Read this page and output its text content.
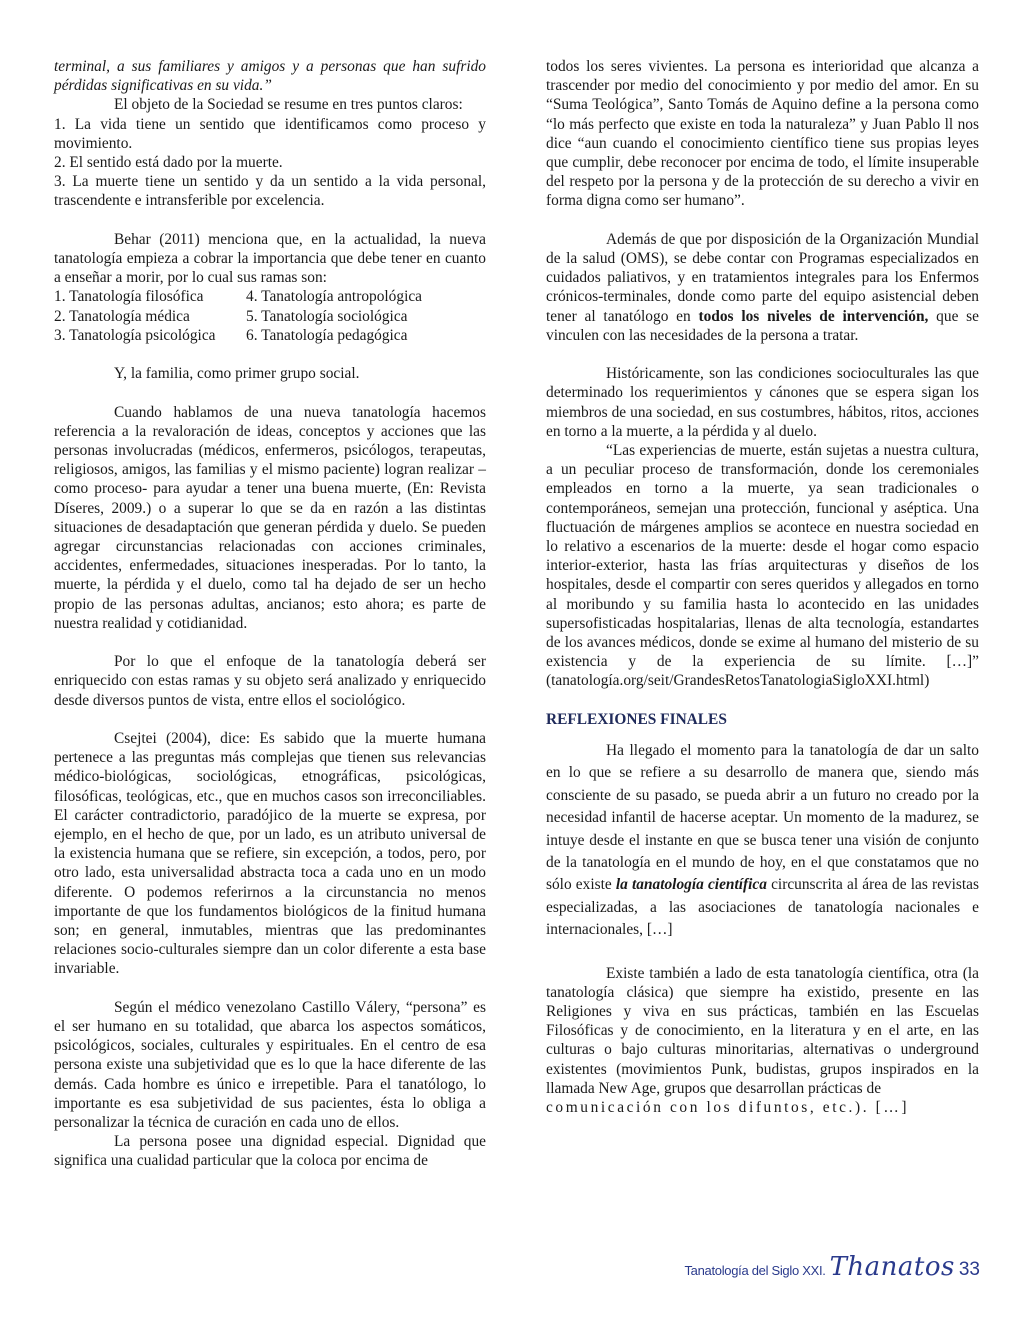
terminal, a sus familiares y amigos y a personas que han sufrido pérdidas significativas en su vida.”

El objeto de la Sociedad se resume en tres puntos claros:

1. La vida tiene un sentido que identificamos como proceso y movimiento.

2. El sentido está dado por la muerte.

3. La muerte tiene un sentido y da un sentido a la vida personal, trascendente e intransferible por excelencia.

Behar (2011) menciona que, en la actualidad, la nueva tanatología empieza a cobrar la importancia que debe tener en cuanto a enseñar a morir, por lo cual sus ramas son:

1. Tanatología filosófica	4. Tanatología antropológica
2. Tanatología médica	5. Tanatología sociológica
3. Tanatología psicológica	6. Tanatología pedagógica

Y, la familia, como primer grupo social.

Cuando hablamos de una nueva tanatología hacemos referencia a la revaloración de ideas, conceptos y acciones que las personas involucradas (médicos, enfermeros, psicólogos, terapeutas, religiosos, amigos, las familias y el mismo paciente) logran realizar –como proceso- para ayudar a tener una buena muerte, (En: Revista Díseres, 2009.) o a superar lo que se da en razón a las distintas situaciones de desadaptación que generan pérdida y duelo. Se pueden agregar circunstancias relacionadas con acciones criminales, accidentes, enfermedades, situaciones inesperadas. Por lo tanto, la muerte, la pérdida y el duelo, como tal ha dejado de ser un hecho propio de las personas adultas, ancianos; esto ahora; es parte de nuestra realidad y cotidianidad.

Por lo que el enfoque de la tanatología deberá ser enriquecido con estas ramas y su objeto será analizado y enriquecido desde diversos puntos de vista, entre ellos el sociológico.

Csejtei (2004), dice: Es sabido que la muerte humana pertenece a las preguntas más complejas que tienen sus relevancias médico-biológicas, sociológicas, etnográficas, psicológicas, filosóficas, teológicas, etc., que en muchos casos son irreconciliables. El carácter contradictorio, paradójico de la muerte se expresa, por ejemplo, en el hecho de que, por un lado, es un atributo universal de la existencia humana que se refiere, sin excepción, a todos, pero, por otro lado, esta universalidad abstracta toca a cada uno en un modo diferente. O podemos referirnos a la circunstancia no menos importante de que los fundamentos biológicos de la finitud humana son; en general, inmutables, mientras que las predominantes relaciones socio-culturales siempre dan un color diferente a esta base invariable.

Según el médico venezolano Castillo Válery, “persona” es el ser humano en su totalidad, que abarca los aspectos somáticos, psicológicos, sociales, culturales y espirituales. En el centro de esa persona existe una subjetividad que es lo que la hace diferente de las demás. Cada hombre es único e irrepetible. Para el tanatólogo, lo importante es esa subjetividad de sus pacientes, ésta lo obliga a personalizar la técnica de curación en cada uno de ellos.

La persona posee una dignidad especial. Dignidad que significa una cualidad particular que la coloca por encima de

todos los seres vivientes. La persona es interioridad que alcanza a trascender por medio del conocimiento y por medio del amor. En su “Suma Teológica”, Santo Tomás de Aquino define a la persona como “lo más perfecto que existe en toda la naturaleza” y Juan Pablo ll nos dice “aun cuando el conocimiento científico tiene sus propias leyes que cumplir, debe reconocer por encima de todo, el límite insuperable del respeto por la persona y de la protección de su derecho a vivir en forma digna como ser humano”.

Además de que por disposición de la Organización Mundial de la salud (OMS), se debe contar con Programas especializados en cuidados paliativos, y en tratamientos integrales para los Enfermos crónicos-terminales, donde como parte del equipo asistencial deben tener al tanatólogo en todos los niveles de intervención, que se vinculen con las necesidades de la persona a tratar.

Históricamente, son las condiciones socioculturales las que determinado los requerimientos y cánones que se espera sigan los miembros de una sociedad, en sus costumbres, hábitos, ritos, acciones en torno a la muerte, a la pérdida y al duelo.

“Las experiencias de muerte, están sujetas a nuestra cultura, a un peculiar proceso de transformación, donde los ceremoniales empleados en torno a la muerte, ya sean tradicionales o contemporáneos, semejan una protección, funcional y aséptica. Una fluctuación de márgenes amplios se acontece en nuestra sociedad en lo relativo a escenarios de la muerte: desde el hogar como espacio interior-exterior, hasta las frías arquitecturas y diseños de los hospitales, desde el compartir con seres queridos y allegados en torno al moribundo y su familia hasta lo acontecido en las unidades supersofisticadas hospitalarias, llenas de alta tecnología, estandartes de los avances médicos, donde se exime al humano del misterio de su existencia y de la experiencia de su límite. […]” (tanatología.org/seit/GrandesRetosTanatologiaSigloXXI.html)

REFLEXIONES FINALES

Ha llegado el momento para la tanatología de dar un salto en lo que se refiere a su desarrollo de manera que, siendo más consciente de su pasado, se pueda abrir a un futuro no creado por la necesidad infantil de hacerse aceptar. Un momento de la madurez, se intuye desde el instante en que se busca tener una visión de conjunto de la tanatología en el mundo de hoy, en el que constatamos que no sólo existe la tanatología científica circunscrita al área de las revistas especializadas, a las asociaciones de tanatología nacionales e internacionales, […]

Existe también a lado de esta tanatología científica, otra (la tanatología clásica) que siempre ha existido, presente en las Religiones y viva en sus prácticas, también en las Escuelas Filosóficas y de conocimiento, en la literatura y en el arte, en las culturas o bajo culturas minoritarias, alternativas o underground existentes (movimientos Punk, budistas, grupos inspirados en la llamada New Age, grupos que desarrollan prácticas de

comunicación con los difuntos, etc.). […]

Tanatología del Siglo XXI. Thanatos 33
